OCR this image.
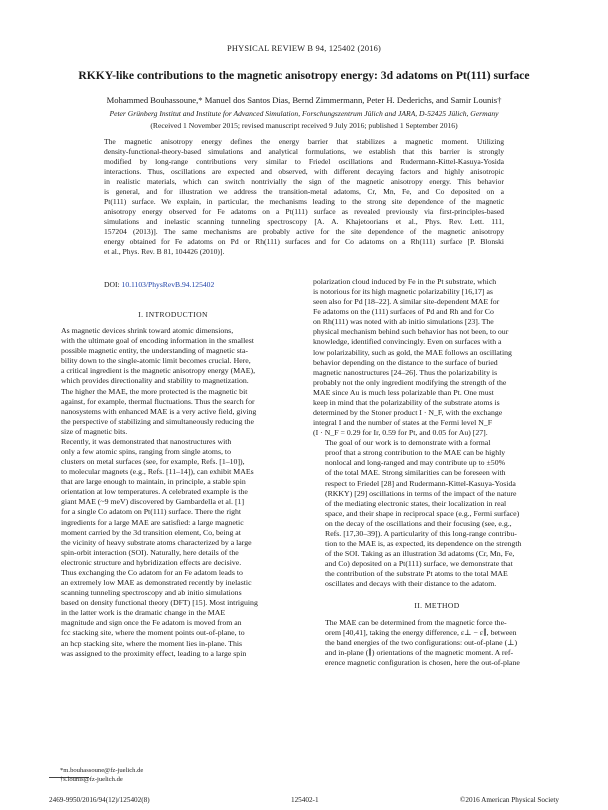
PHYSICAL REVIEW B 94, 125402 (2016)
RKKY-like contributions to the magnetic anisotropy energy: 3d adatoms on Pt(111) surface
Mohammed Bouhassoune,* Manuel dos Santos Dias, Bernd Zimmermann, Peter H. Dederichs, and Samir Lounis†
Peter Grünberg Institut and Institute for Advanced Simulation, Forschungszentrum Jülich and JARA, D-52425 Jülich, Germany
(Received 1 November 2015; revised manuscript received 9 July 2016; published 1 September 2016)
The magnetic anisotropy energy defines the energy barrier that stabilizes a magnetic moment. Utilizing
density-functional-theory-based simulations and analytical formulations, we establish that this barrier is strongly
modified by long-range contributions very similar to Friedel oscillations and Rudermann-Kittel-Kasuya-Yosida
interactions. Thus, oscillations are expected and observed, with different decaying factors and highly anisotropic
in realistic materials, which can switch nontrivially the sign of the magnetic anisotropy energy. This behavior
is general, and for illustration we address the transition-metal adatoms, Cr, Mn, Fe, and Co deposited on a
Pt(111) surface. We explain, in particular, the mechanisms leading to the strong site dependence of the magnetic
anisotropy energy observed for Fe adatoms on a Pt(111) surface as revealed previously via first-principles-based
simulations and inelastic scanning tunneling spectroscopy [A. A. Khajetoorians et al., Phys. Rev. Lett. 111,
157204 (2013)]. The same mechanisms are probably active for the site dependence of the magnetic anisotropy
energy obtained for Fe adatoms on Pd or Rh(111) surfaces and for Co adatoms on a Rh(111) surface [P. Blonski
et al., Phys. Rev. B 81, 104426 (2010)].
DOI: 10.1103/PhysRevB.94.125402
I. INTRODUCTION
As magnetic devices shrink toward atomic dimensions,
with the ultimate goal of encoding information in the smallest
possible magnetic entity, the understanding of magnetic sta-
bility down to the single-atomic limit becomes crucial. Here,
a critical ingredient is the magnetic anisotropy energy (MAE),
which provides directionality and stability to magnetization.
The higher the MAE, the more protected is the magnetic bit
against, for example, thermal fluctuations. Thus the search for
nanosystems with enhanced MAE is a very active field, giving
the perspective of stabilizing and simultaneously reducing the
size of magnetic bits.
Recently, it was demonstrated that nanostructures with
only a few atomic spins, ranging from single atoms, to
clusters on metal surfaces (see, for example, Refs. [1–10]),
to molecular magnets (e.g., Refs. [11–14]), can exhibit MAEs
that are large enough to maintain, in principle, a stable spin
orientation at low temperatures. A celebrated example is the
giant MAE (~9 meV) discovered by Gambardella et al. [1]
for a single Co adatom on Pt(111) surface. There the right
ingredients for a large MAE are satisfied: a large magnetic
moment carried by the 3d transition element, Co, being at
the vicinity of heavy substrate atoms characterized by a large
spin-orbit interaction (SOI). Naturally, here details of the
electronic structure and hybridization effects are decisive.
Thus exchanging the Co adatom for an Fe adatom leads to
an extremely low MAE as demonstrated recently by inelastic
scanning tunneling spectroscopy and ab initio simulations
based on density functional theory (DFT) [15]. Most intriguing
in the latter work is the dramatic change in the MAE
magnitude and sign once the Fe adatom is moved from an
fcc stacking site, where the moment points out-of-plane, to
an hcp stacking site, where the moment lies in-plane. This
was assigned to the proximity effect, leading to a large spin
polarization cloud induced by Fe in the Pt substrate, which
is notorious for its high magnetic polarizability [16,17] as
seen also for Pd [18–22]. A similar site-dependent MAE for
Fe adatoms on the (111) surfaces of Pd and Rh and for Co
on Rh(111) was noted with ab initio simulations [23]. The
physical mechanism behind such behavior has not been, to our
knowledge, identified convincingly. Even on surfaces with a
low polarizability, such as gold, the MAE follows an oscillating
behavior depending on the distance to the surface of buried
magnetic nanostructures [24–26]. Thus the polarizability is
probably not the only ingredient modifying the strength of the
MAE since Au is much less polarizable than Pt. One must
keep in mind that the polarizability of the substrate atoms is
determined by the Stoner product I · N_F, with the exchange
integral I and the number of states at the Fermi level N_F
(I · N_F = 0.29 for Ir, 0.59 for Pt, and 0.05 for Au) [27].
The goal of our work is to demonstrate with a formal
proof that a strong contribution to the MAE can be highly
nonlocal and long-ranged and may contribute up to ±50%
of the total MAE. Strong similarities can be foreseen with
respect to Friedel [28] and Rudermann-Kittel-Kasuya-Yosida
(RKKY) [29] oscillations in terms of the impact of the nature
of the mediating electronic states, their localization in real
space, and their shape in reciprocal space (e.g., Fermi surface)
on the decay of the oscillations and their focusing (see, e.g.,
Refs. [17,30–39]). A particularity of this long-range contribu-
tion to the MAE is, as expected, its dependence on the strength
of the SOI. Taking as an illustration 3d adatoms (Cr, Mn, Fe,
and Co) deposited on a Pt(111) surface, we demonstrate that
the contribution of the substrate Pt atoms to the total MAE
oscillates and decays with their distance to the adatom.
II. METHOD
The MAE can be determined from the magnetic force the-
orem [40,41], taking the energy difference, ε⊥ − ε∥, between
the band energies of the two configurations: out-of-plane (⊥)
and in-plane (∥) orientations of the magnetic moment. A ref-
erence magnetic configuration is chosen, here the out-of-plane
*m.bouhassoune@fz-juelich.de
†s.lounis@fz-juelich.de
2469-9950/2016/94(12)/125402(8)	125402-1	©2016 American Physical Society
